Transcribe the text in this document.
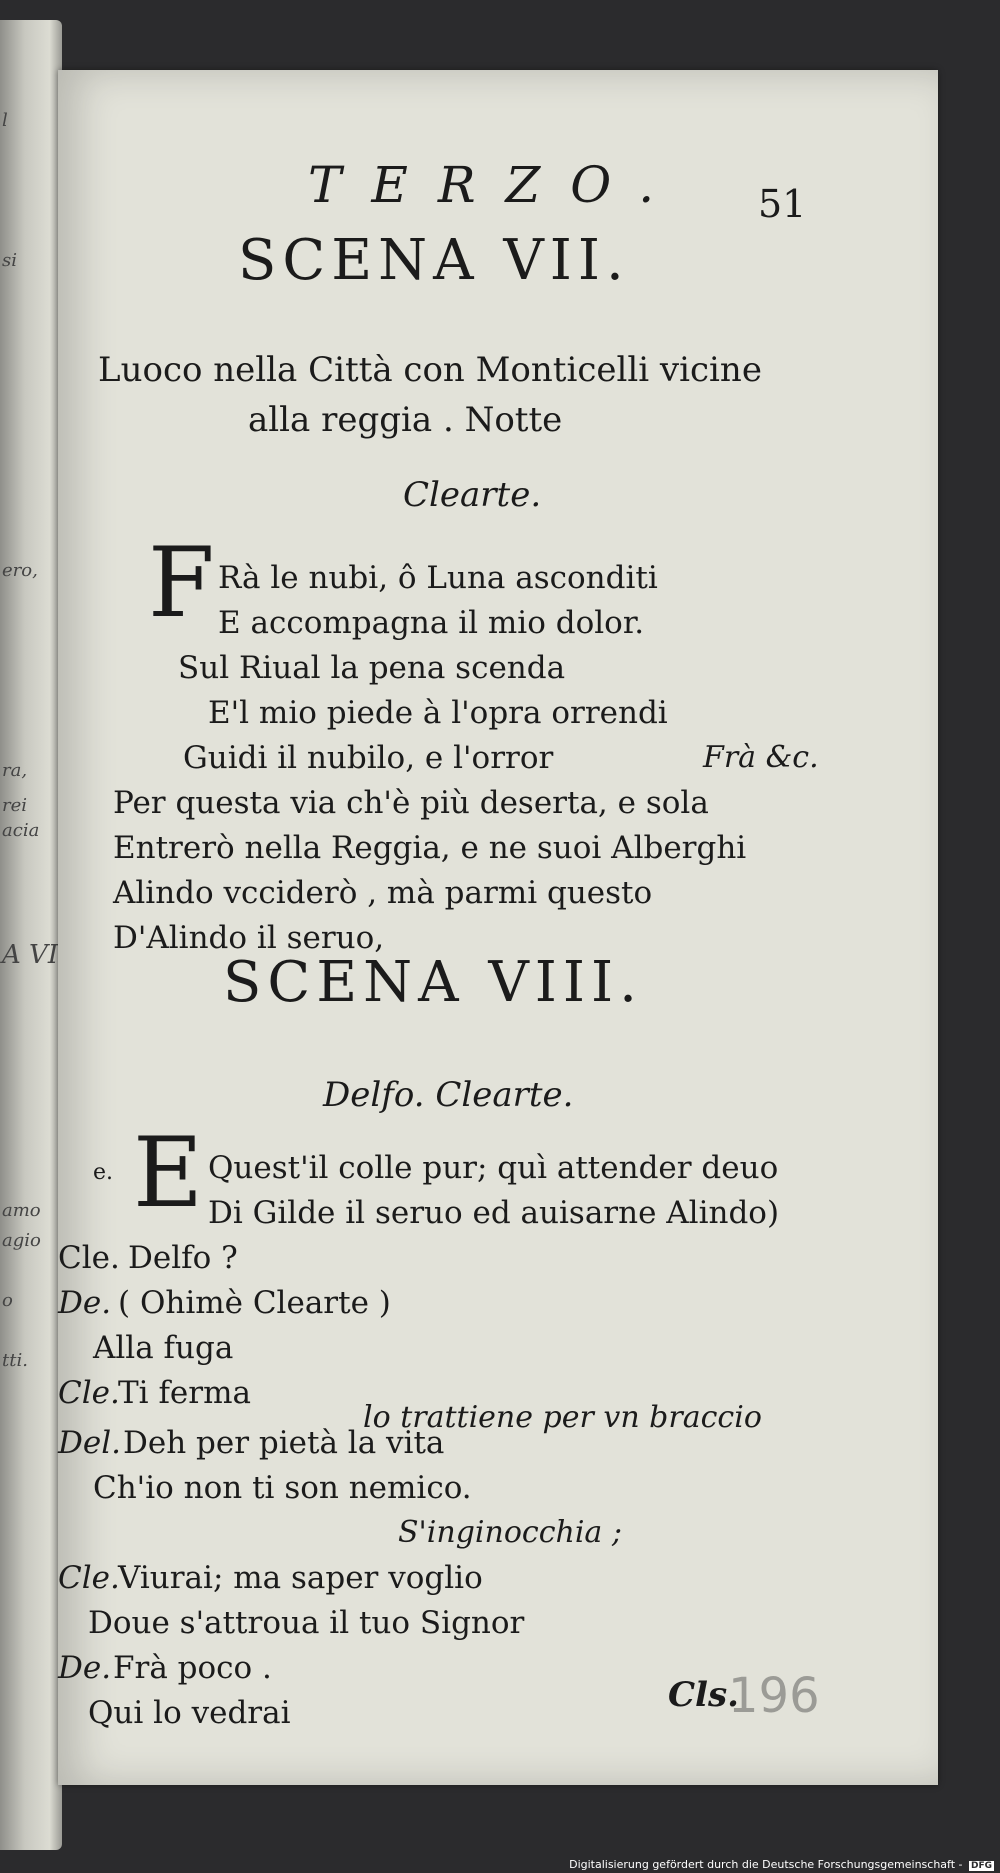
l
si
ero,
ra,
rei
acia
A VI
amo
agio
o
tti.
TERZO. 51
SCENA VII.
Luoco nella Città con Monticelli vicine
alla reggia . Notte
Clearte.
F Rà le nubi, ô Luna asconditi
E accompagna il mio dolor.
Sul Riual la pena scenda
E'l mio piede à l'opra orrendi
Guidi il nubilo, e l'orror	Frà &c.
Per questa via ch'è più deserta, e sola
Entrerò nella Reggia, e ne suoi Alberghi
Alindo vcciderò , mà parmi questo
D'Alindo il seruo,
SCENA VIII.
Delfo. Clearte.
e. E Quest'il colle pur; quì attender deuo
Di Gilde il seruo ed auisarne Alindo)
Cle. Delfo ?
De. ( Ohimè Clearte )
Alla fuga
Cle.
Ti ferma
lo trattiene per vn braccio
Del. Deh per pietà la vita
Ch'io non ti son nemico.
S'inginocchia ;
Cle.
Viurai; ma saper voglio
Doue s'attroua il tuo Signor
De. Frà poco .
Qui lo vedrai	Cls.
196
Digitalisierung gefördert durch die Deutsche Forschungsgemeinschaft - DFG
